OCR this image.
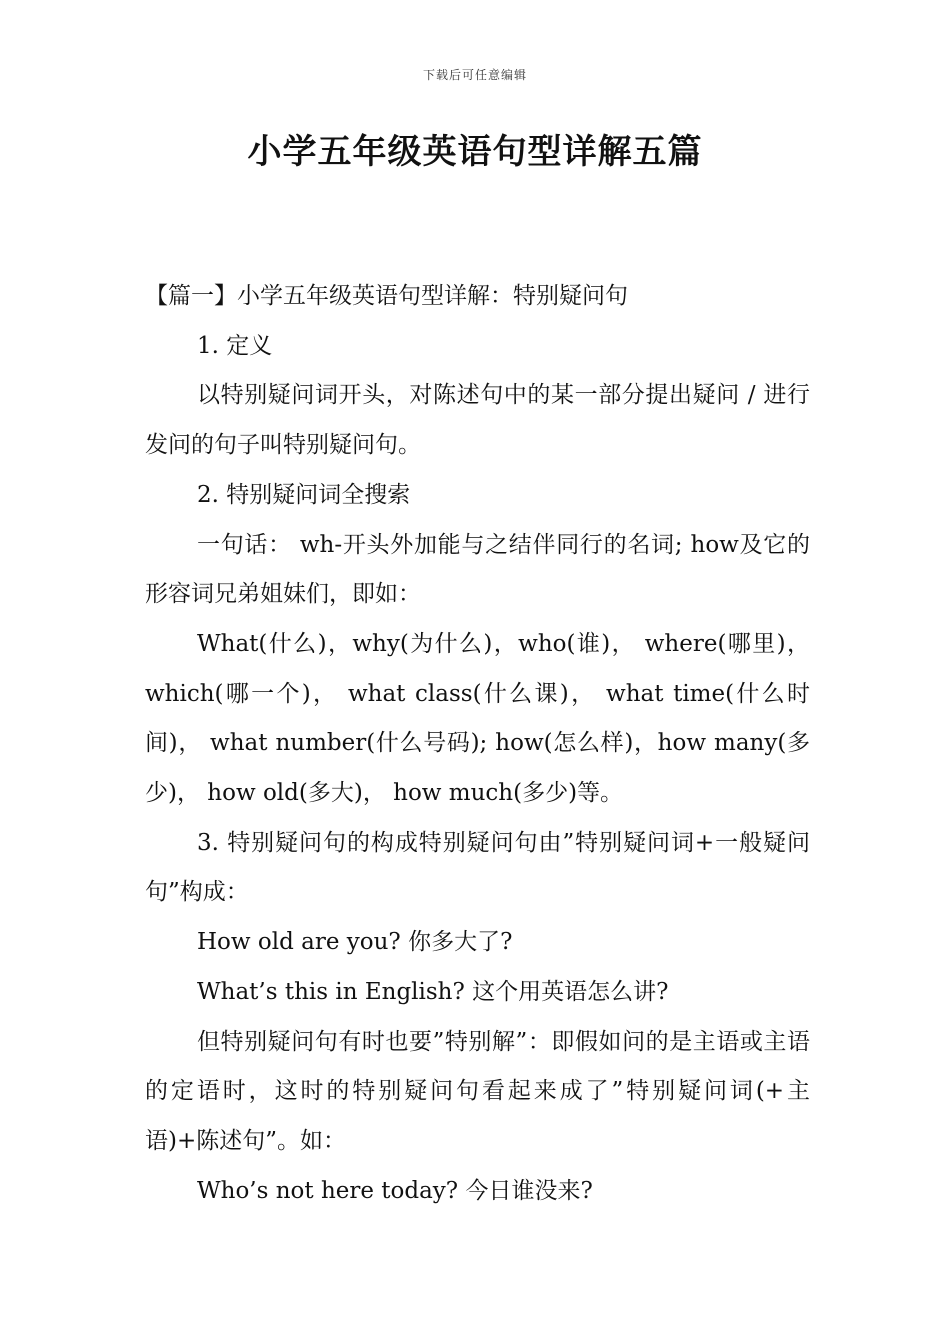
下载后可任意编辑
小学五年级英语句型详解五篇

【篇一】小学五年级英语句型详解：特别疑问句

1. 定义

以特别疑问词开头，对陈述句中的某一部分提出疑问 / 进行发问的句子叫特别疑问句。

2. 特别疑问词全搜索

一句话： wh-开头外加能与之结伴同行的名词; how及它的形容词兄弟姐妹们，即如：

What(什么)，why(为什么)，who(谁)， where(哪里)， which(哪一个)， what class(什么课)， what time(什么时间)， what number(什么号码); how(怎么样)，how many(多少)， how old(多大)， how much(多少)等。

3. 特别疑问句的构成特别疑问句由”特别疑问词+一般疑问句”构成：

How old are you? 你多大了?

What’s this in English? 这个用英语怎么讲?

但特别疑问句有时也要”特别解”：即假如问的是主语或主语的定语时，这时的特别疑问句看起来成了”特别疑问词(+主语)+陈述句”。如：

Who’s not here today? 今日谁没来?
